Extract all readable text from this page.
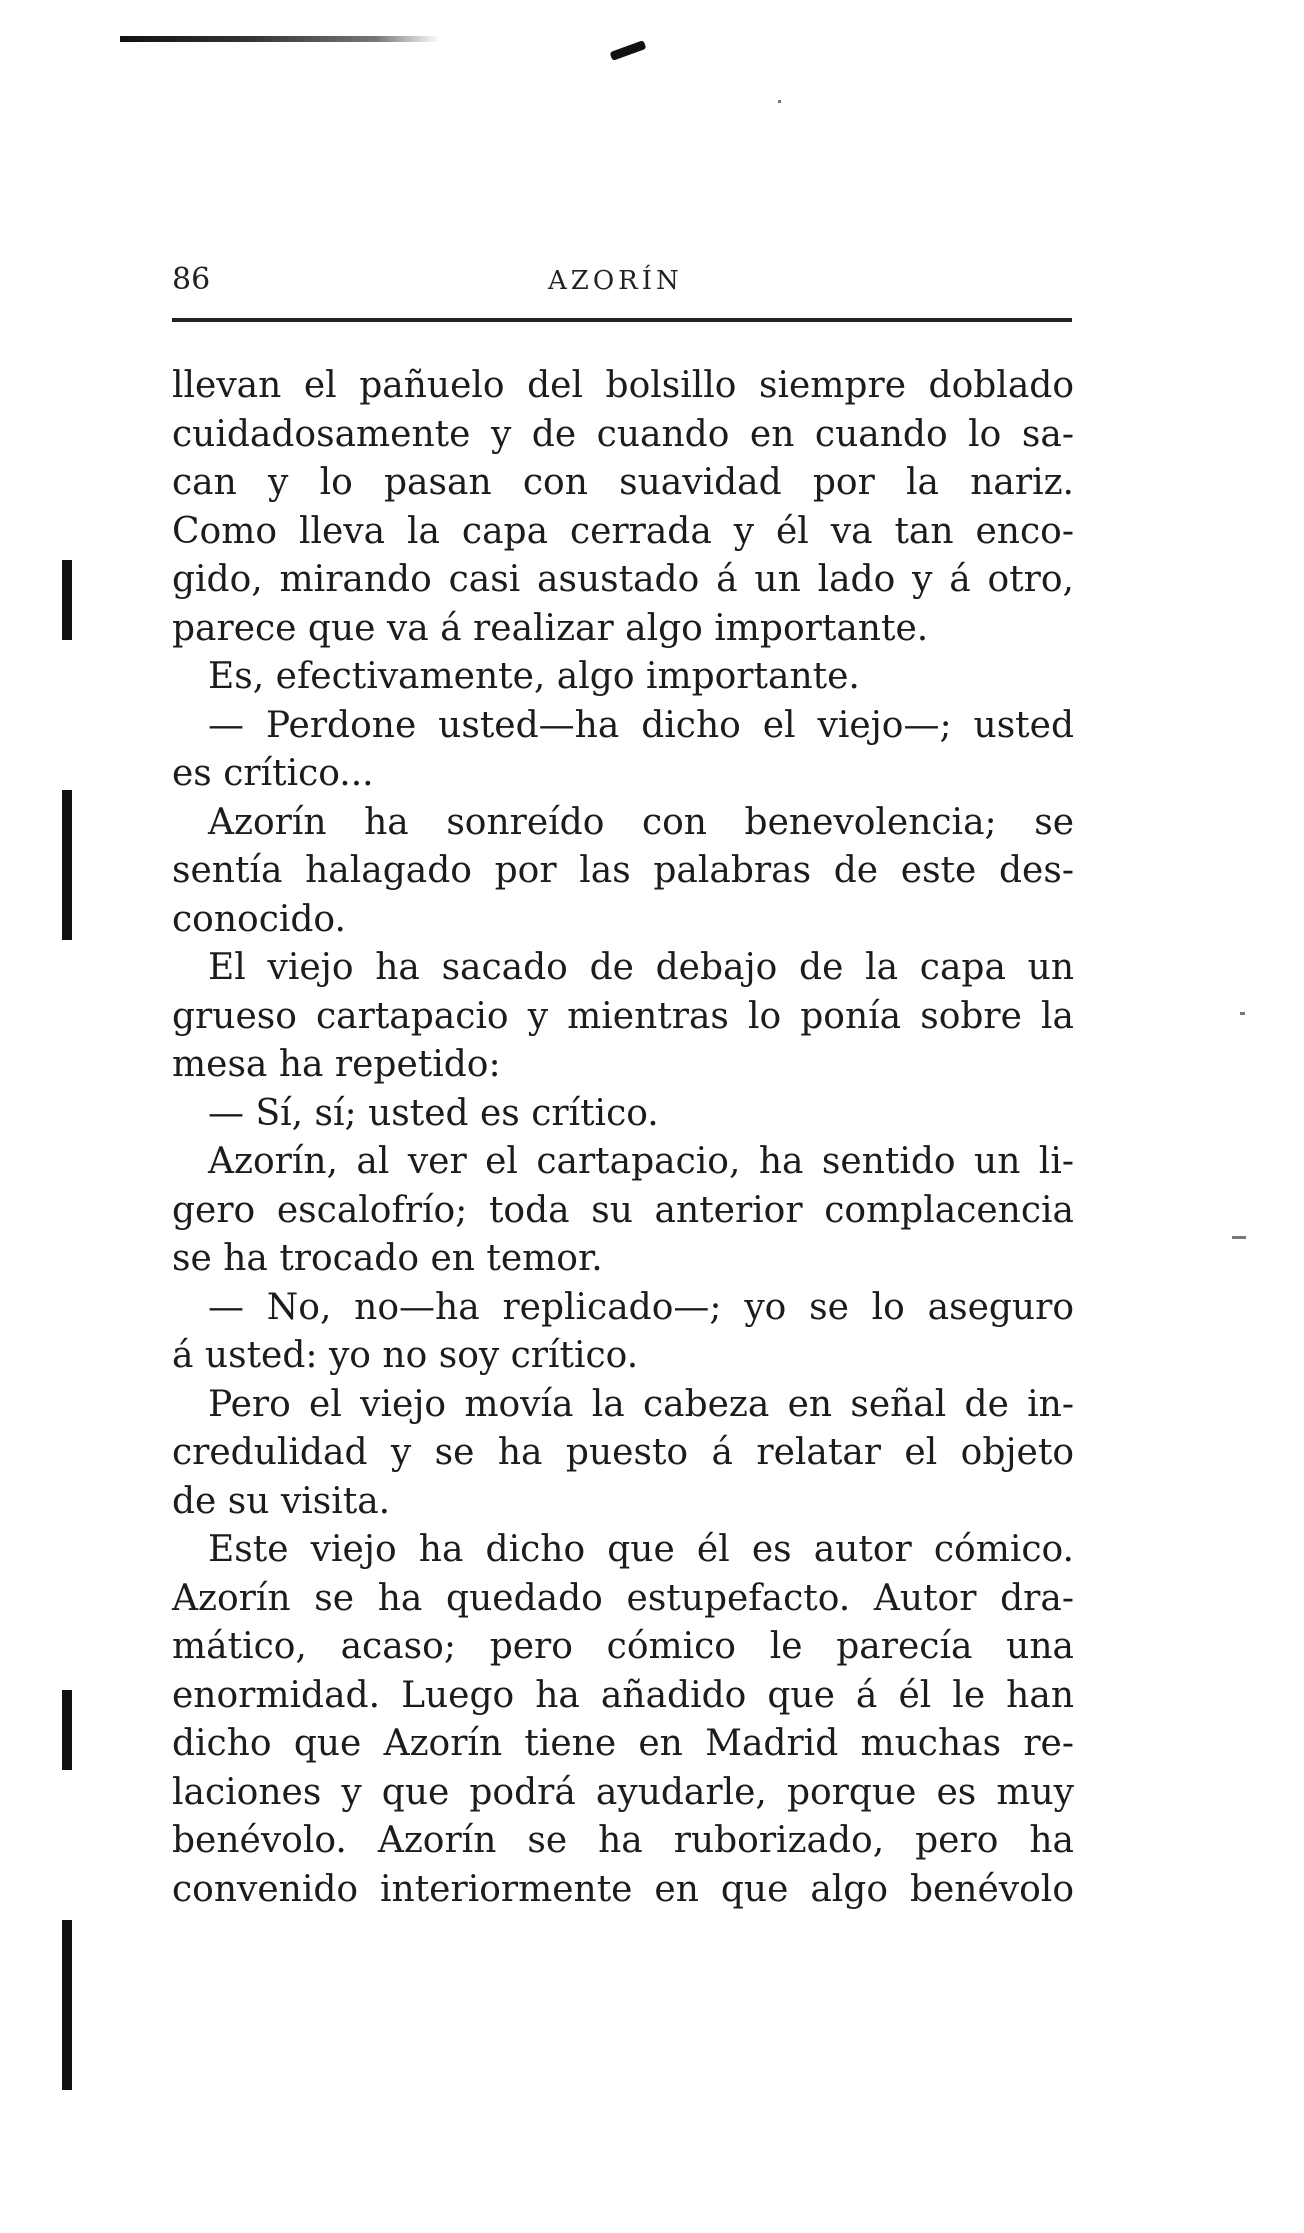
86	AZORÍN
llevan el pañuelo del bolsillo siempre doblado
cuidadosamente y de cuando en cuando lo sa-
can y lo pasan con suavidad por la nariz.
Como lleva la capa cerrada y él va tan enco-
gido, mirando casi asustado á un lado y á otro,
parece que va á realizar algo importante.
Es, efectivamente, algo importante.
— Perdone usted—ha dicho el viejo—; usted
es crítico...
Azorín ha sonreído con benevolencia; se
sentía halagado por las palabras de este des-
conocido.
El viejo ha sacado de debajo de la capa un
grueso cartapacio y mientras lo ponía sobre la
mesa ha repetido:
— Sí, sí; usted es crítico.
Azorín, al ver el cartapacio, ha sentido un li-
gero escalofrío; toda su anterior complacencia
se ha trocado en temor.
— No, no—ha replicado—; yo se lo aseguro
á usted: yo no soy crítico.
Pero el viejo movía la cabeza en señal de in-
credulidad y se ha puesto á relatar el objeto
de su visita.
Este viejo ha dicho que él es autor cómico.
Azorín se ha quedado estupefacto. Autor dra-
mático, acaso; pero cómico le parecía una
enormidad. Luego ha añadido que á él le han
dicho que Azorín tiene en Madrid muchas re-
laciones y que podrá ayudarle, porque es muy
benévolo. Azorín se ha ruborizado, pero ha
convenido interiormente en que algo benévolo
